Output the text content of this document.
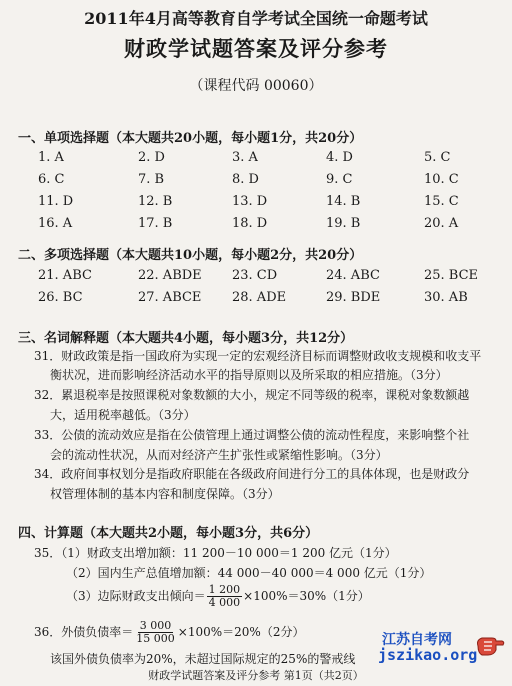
2011年4月高等教育自学考试全国统一命题考试
财政学试题答案及评分参考
（课程代码 00060）
一、单项选择题（本大题共20小题，每小题1分，共20分）
1. A	2. D	3. A	4. D	5. C
6. C	7. B	8. D	9. C	10. C
11. D	12. B	13. D	14. B	15. C
16. A	17. B	18. D	19. B	20. A
二、多项选择题（本大题共10小题，每小题2分，共20分）
21. ABC	22. ABDE 23. CD	24. ABC	25. BCE
26. BC	27. ABCE 28. ADE	29. BDE	30. AB
三、名词解释题（本大题共4小题，每小题3分，共12分）
31．财政政策是指一国政府为实现一定的宏观经济目标而调整财政收支规模和收支平
衡状况，进而影响经济活动水平的指导原则以及所采取的相应措施。（3分）
32．累退税率是按照课税对象数额的大小，规定不同等级的税率，课税对象数额越
大，适用税率越低。（3分）
33．公债的流动效应是指在公债管理上通过调整公债的流动性程度，来影响整个社
会的流动性状况，从而对经济产生扩张性或紧缩性影响。（3分）
34．政府间事权划分是指政府职能在各级政府间进行分工的具体体现，也是财政分
权管理体制的基本内容和制度保障。（3分）
四、计算题（本大题共2小题，每小题3分，共6分）
35．（1）财政支出增加额：11 200－10 000＝1 200 亿元（1分）
（2）国内生产总值增加额：44 000－40 000＝4 000 亿元（1分）
（3）边际财政支出倾向＝ $\frac{1 200}{4 000} \times 100\%=30\%(1$分）
36．外债负债率＝ $\frac{3 000}{15 000} \times 100\%=20\%(2$分）
该国外债负债率为20%，未超过国际规定的25%的警戒线
江苏自考网
jszikao.org
财政学试题答案及评分参考 第1页（共2页）
